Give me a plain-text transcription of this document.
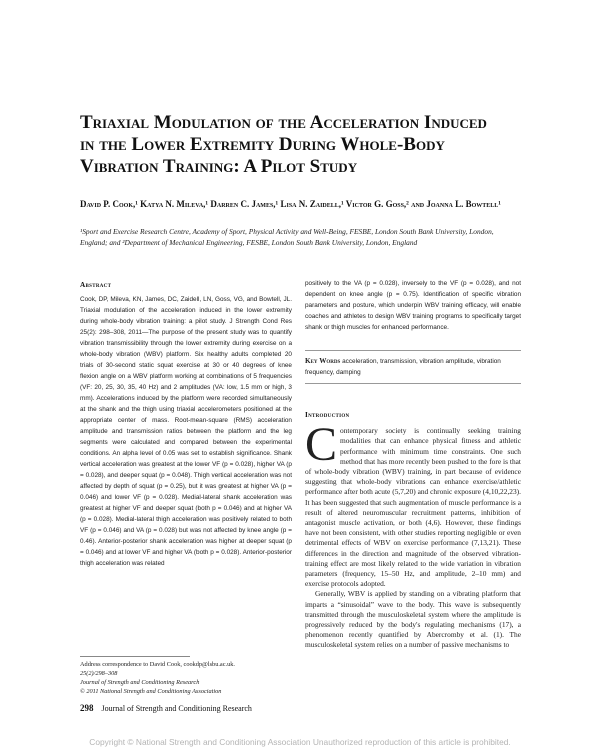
Triaxial Modulation of the Acceleration Induced in the Lower Extremity During Whole-Body Vibration Training: A Pilot Study
David P. Cook,¹ Katya N. Mileva,¹ Darren C. James,¹ Lisa N. Zaidell,¹ Victor G. Goss,² and Joanna L. Bowtell¹
¹Sport and Exercise Research Centre, Academy of Sport, Physical Activity and Well-Being, FESBE, London South Bank University, London, England; and ²Department of Mechanical Engineering, FESBE, London South Bank University, London, England
Abstract
Cook, DP, Mileva, KN, James, DC, Zaidell, LN, Goss, VG, and Bowtell, JL. Triaxial modulation of the acceleration induced in the lower extremity during whole-body vibration training: a pilot study. J Strength Cond Res 25(2): 298–308, 2011—The purpose of the present study was to quantify vibration transmissibility through the lower extremity during exercise on a whole-body vibration (WBV) platform. Six healthy adults completed 20 trials of 30-second static squat exercise at 30 or 40 degrees of knee flexion angle on a WBV platform working at combinations of 5 frequencies (VF: 20, 25, 30, 35, 40 Hz) and 2 amplitudes (VA: low, 1.5 mm or high, 3 mm). Accelerations induced by the platform were recorded simultaneously at the shank and the thigh using triaxial accelerometers positioned at the appropriate center of mass. Root-mean-square (RMS) acceleration amplitude and transmission ratios between the platform and the leg segments were calculated and compared between the experimental conditions. An alpha level of 0.05 was set to establish significance. Shank vertical acceleration was greatest at the lower VF (p = 0.028), higher VA (p = 0.028), and deeper squat (p = 0.048). Thigh vertical acceleration was not affected by depth of squat (p = 0.25), but it was greatest at higher VA (p = 0.046) and lower VF (p = 0.028). Medial-lateral shank acceleration was greatest at higher VF and deeper squat (both p = 0.046) and at higher VA (p = 0.028). Medial-lateral thigh acceleration was positively related to both VF (p = 0.046) and VA (p = 0.028) but was not affected by knee angle (p = 0.46). Anterior-posterior shank acceleration was higher at deeper squat (p = 0.046) and at lower VF and higher VA (both p = 0.028). Anterior-posterior thigh acceleration was related
positively to the VA (p = 0.028), inversely to the VF (p = 0.028), and not dependent on knee angle (p = 0.75). Identification of specific vibration parameters and posture, which underpin WBV training efficacy, will enable coaches and athletes to design WBV training programs to specifically target shank or thigh muscles for enhanced performance.
Key Words acceleration, transmission, vibration amplitude, vibration frequency, damping
Introduction

Contemporary society is continually seeking training modalities that can enhance physical fitness and athletic performance with minimum time constraints. One such method that has more recently been pushed to the fore is that of whole-body vibration (WBV) training, in part because of evidence suggesting that whole-body vibrations can enhance exercise/athletic performance after both acute (5,7,20) and chronic exposure (4,10,22,23). It has been suggested that such augmentation of muscle performance is a result of altered neuromuscular recruitment patterns, inhibition of antagonist muscle activation, or both (4,6). However, these findings have not been consistent, with other studies reporting negligible or even detrimental effects of WBV on exercise performance (7,13,21). These differences in the direction and magnitude of the observed vibration-training effect are most likely related to the wide variation in vibration parameters (frequency, 15–50 Hz, and amplitude, 2–10 mm) and exercise protocols adopted.

Generally, WBV is applied by standing on a vibrating platform that imparts a “sinusoidal” wave to the body. This wave is subsequently transmitted through the musculoskeletal system where the amplitude is progressively reduced by the body's regulating mechanisms (17), a phenomenon recently quantified by Abercromby et al. (1). The musculoskeletal system relies on a number of passive mechanisms to

Address correspondence to David Cook, cookdp@lsbu.ac.uk.
25(2)/298–308
Journal of Strength and Conditioning Research
© 2011 National Strength and Conditioning Association
298 Journal of Strength and Conditioning Research
Copyright © National Strength and Conditioning Association Unauthorized reproduction of this article is prohibited.
